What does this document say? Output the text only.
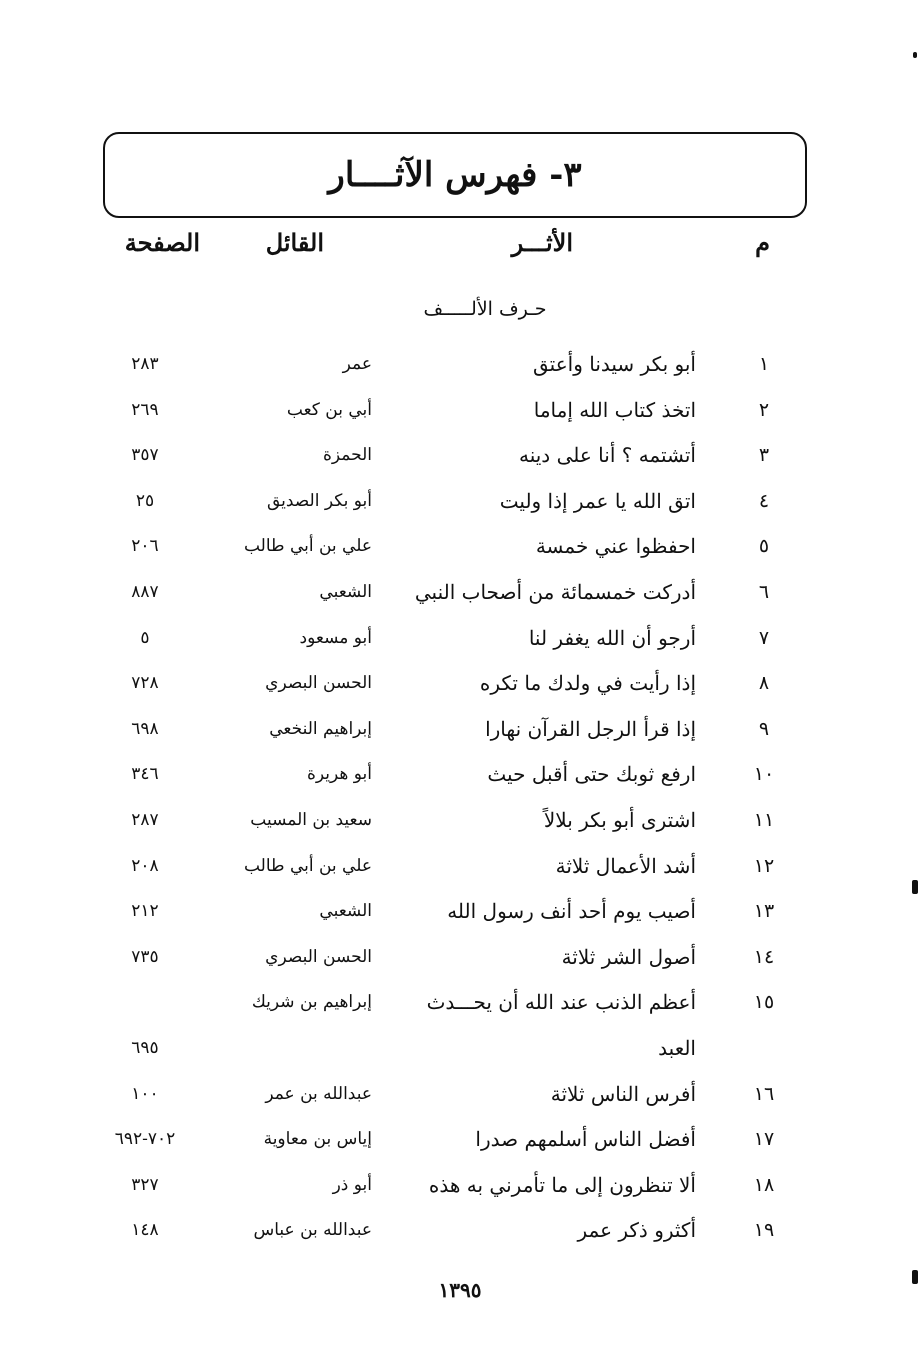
٣- فهرس الآثــــار
م
الأثـــر
القائل
الصفحة
حـرف الألـــــف
١
أبو بكر سيدنا وأعتق
عمر
٢٨٣
٢
اتخذ كتاب الله إماما
أبي بن كعب
٢٦٩
٣
أتشتمه ؟ أنا على دينه
الحمزة
٣٥٧
٤
اتق الله يا عمر إذا وليت
أبو بكر الصديق
٢٥
٥
احفظوا عني خمسة
علي بن أبي طالب
٢٠٦
٦
أدركت خمسمائة من أصحاب النبي
الشعبي
٨٨٧
٧
أرجو أن الله يغفر لنا
أبو مسعود
٥
٨
إذا رأيت في ولدك ما تكره
الحسن البصري
٧٢٨
٩
إذا قرأ الرجل القرآن نهارا
إبراهيم النخعي
٦٩٨
١٠
ارفع ثوبك حتى أقبل حيث
أبو هريرة
٣٤٦
١١
اشترى أبو بكر بلالاً
سعيد بن المسيب
٢٨٧
١٢
أشد الأعمال ثلاثة
علي بن أبي طالب
٢٠٨
١٣
أصيب يوم أحد أنف رسول الله
الشعبي
٢١٢
١٤
أصول الشر ثلاثة
الحسن البصري
٧٣٥
١٥
أعظم الذنب عند الله أن يحـــدث
إبراهيم بن شريك
العبد
٦٩٥
١٦
أفرس الناس ثلاثة
عبدالله بن عمر
١٠٠
١٧
أفضل الناس أسلمهم صدرا
إياس بن معاوية
٧٠٢-٦٩٢
١٨
ألا تنظرون إلى ما تأمرني به هذه
أبو ذر
٣٢٧
١٩
أكثرو ذكر عمر
عبدالله بن عباس
١٤٨
١٣٩٥
